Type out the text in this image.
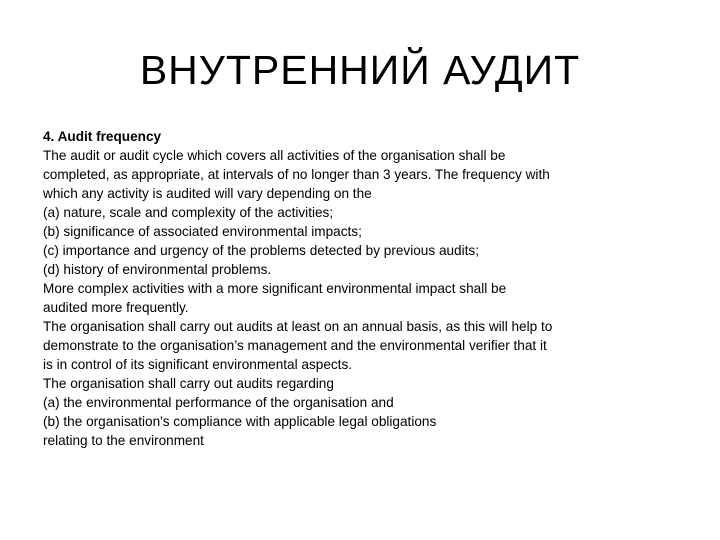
ВНУТРЕННИЙ АУДИТ
4. Audit frequency
The audit or audit cycle which covers all activities of the organisation shall be
completed, as appropriate, at intervals of no longer than 3 years. The frequency with
which any activity is audited will vary depending on the
(a) nature, scale and complexity of the activities;
(b) significance of associated environmental impacts;
(c) importance and urgency of the problems detected by previous audits;
(d) history of environmental problems.
More complex activities with a more significant environmental impact shall be
audited more frequently.
The organisation shall carry out audits at least on an annual basis, as this will help to
demonstrate to the organisation’s management and the environmental verifier that it
is in control of its significant environmental aspects.
The organisation shall carry out audits regarding
(a) the environmental performance of the organisation and
(b) the organisation's compliance with applicable legal obligations
relating to the environment
